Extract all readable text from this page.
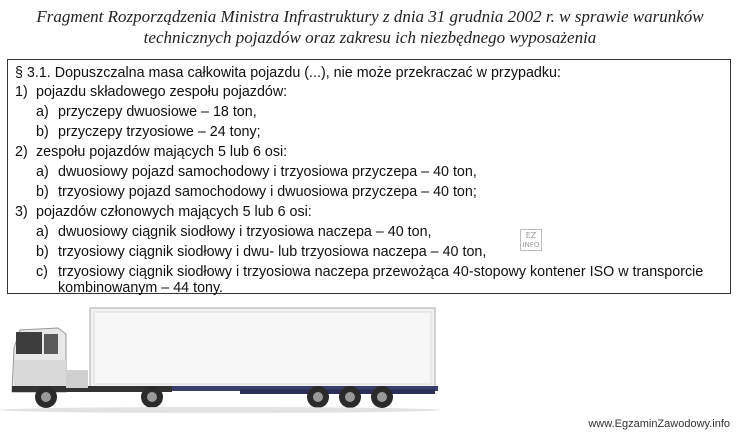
Fragment Rozporządzenia Ministra Infrastruktury z dnia 31 grudnia 2002 r. w sprawie warunków
technicznych pojazdów oraz zakresu ich niezbędnego wyposażenia
§ 3.1. Dopuszczalna masa całkowita pojazdu (...), nie może przekraczać w przypadku:
1) pojazdu składowego zespołu pojazdów:
a) przyczepy dwuosiowe – 18 ton,
b) przyczepy trzyosiowe – 24 tony;
2) zespołu pojazdów mających 5 lub 6 osi:
a) dwuosiowy pojazd samochodowy i trzyosiowa przyczepa – 40 ton,
b) trzyosiowy pojazd samochodowy i dwuosiowa przyczepa – 40 ton;
3) pojazdów członowych mających 5 lub 6 osi:
a) dwuosiowy ciągnik siodłowy i trzyosiowa naczepa – 40 ton,
b) trzyosiowy ciągnik siodłowy i dwu- lub trzyosiowa naczepa – 40 ton,
c) trzyosiowy ciągnik siodłowy i trzyosiowa naczepa przewożąca 40-stopowy kontener ISO w transporcie
kombinowanym – 44 tony.
EZ
INFO
www.EgzaminZawodowy.info
